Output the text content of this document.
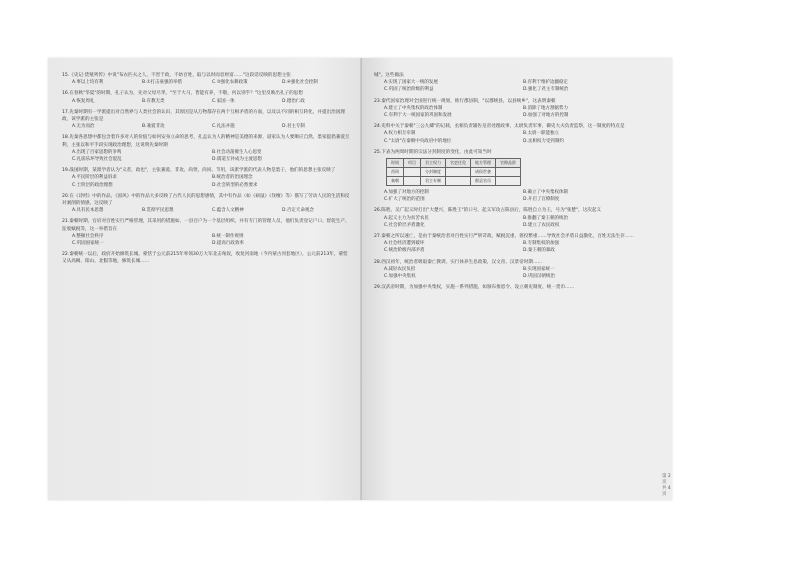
15.《史记·货殖列传》中说"布衣匹夫之人，不害于政，不妨百姓，取与以时而息财富……"这段话反映的思想主张
A.事以上均有利	B.①打击豪强的举措	C.③强化农耕政策	D.④强化社会控制
16.在春秋"华夏"的时期，孔子认为，先对父母尽孝，"至于大马，皆能有养，不敬，何以别乎？"这里反映出孔子的思想
A.恢复周礼	B.有教无类	C.家国一体	D.德治仁政
17.先秦时期有一学派提出对自然界与人类社会的认识，其原因是从万物都存在两个互相矛盾的方面，以及以不同的相互转化，并提出治国理政，该学派的主张是
A.无为而治	B.兼爱非攻	C.礼法并施	D.君主专制
18.先秦各思想中都包含着许多对人的价值与如何安身立命的思考，孔孟认为人的精神是美德的来源，道家认为人要顺应自然，墨家提倡兼爱互利，主张以和平手段实现政治理想，这说明先秦时期
A.出现了百家思想的争鸣	B.社会动荡催生人心思变
C.礼崩乐坏导致社会混乱	D.儒道互补成为主流思想
19.战国时期，某派学者认为"义者，政也"，主张兼爱、非攻、尚贤、尚同、节用，该派学派的代表人物是墨子，他们的思想主张反映了
A.平民阶层的利益诉求	B.统治者的治国理念
C.士阶层的政治理想	D.社会转型的必然要求
20.在《诗经》中的作品，《国风》中的作品大多反映了古代人民的思想感情，其中有作品（如《硕鼠》《伐檀》等）描写了劳动人民的生活和反对剥削的情感，这反映了
A.具有民本思想	B.贯彻平民思想	C.蕴含人文精神	D.否定天命观念
21.秦朝时期，官府对百姓实行严格管理，其采用的措施如，一县百户为一个基层组织，并有专门的管理人员，他们负责登记户口、督促生产、征收赋税等，这一举措旨在
A.整顿社会秩序	B.统一制作规则
C.巩固国家统一	D.提高行政效率
22.秦朝统一以后，政府开始修筑长城，蒙恬于公元前215年率领30万大军北击匈奴，收复河南地（今内蒙古河套地区），公元前213年，蒙恬又从高阙、阳山、北假等地，修筑长城……
城"。这些做法
A.实现了国家大一统的发展	B.有利于维护边疆稳定
C.巩固了统治阶级的利益	D.强化了君主专制统治
23.秦代国家治理对全国进行统一规划，推行郡县制，"以郡统县，以县统乡"，这表明秦朝
A.建立了中央集权的政治体制	B.消除了地方割据势力
C.有利于大一统国家的巩固和发展	D.加强了对地方的控制
24.史料中关于秦朝"三公九卿"的记载，丞相负责辅佐皇帝处理政事，太尉负责军事，御史大夫负责监察，这一制度的特点是
A.权力相互牵制	B.太尉一职能独立
C."太尉"在秦朝中央政府中的地位	D.丞相权力受到制约
25.下表为两周时期的宗法分封制度的变化，由此可知当时
时间	项目	君主权力	官吏任免	地方管理	官僚品阶
西周		分封制度		诸侯世袭	
秦朝		君主专制		郡县官员	
A.加强了对地方的控制	B.确立了中央集权体制
C.扩大了统治的范围	D.开启了官僚制度
26.陈胜、吴广起义时打出"大楚兴，陈胜王"的口号，起义军攻占陈县后，陈胜自立为王，号为"张楚"，这次起义
A.起义主力为贫苦农民	B.推翻了秦王朝的统治
C.社会阶层矛盾激化	D.建立了农民政权
27.秦朝之所以速亡，是由于秦统治者对百姓实行严刑苛政，赋税沉重，徭役繁重……导致社会矛盾日益激化，百姓无法生存……
A.社会经济遭到破坏	B.专制集权的加强
C.统治阶级内部矛盾	D.秦王朝的暴政
28.西汉初年，统治者吸取秦亡教训，实行休养生息政策，汉文帝、汉景帝时期……
A.减轻农民负担	B.实现国家统一
C.加强中央集权	D.巩固汉朝统治
29.汉武帝时期，为加强中央集权，实施一系列措施，如颁布推恩令、设立刺史制度、统一货币……
第 2 页 共 4 页
